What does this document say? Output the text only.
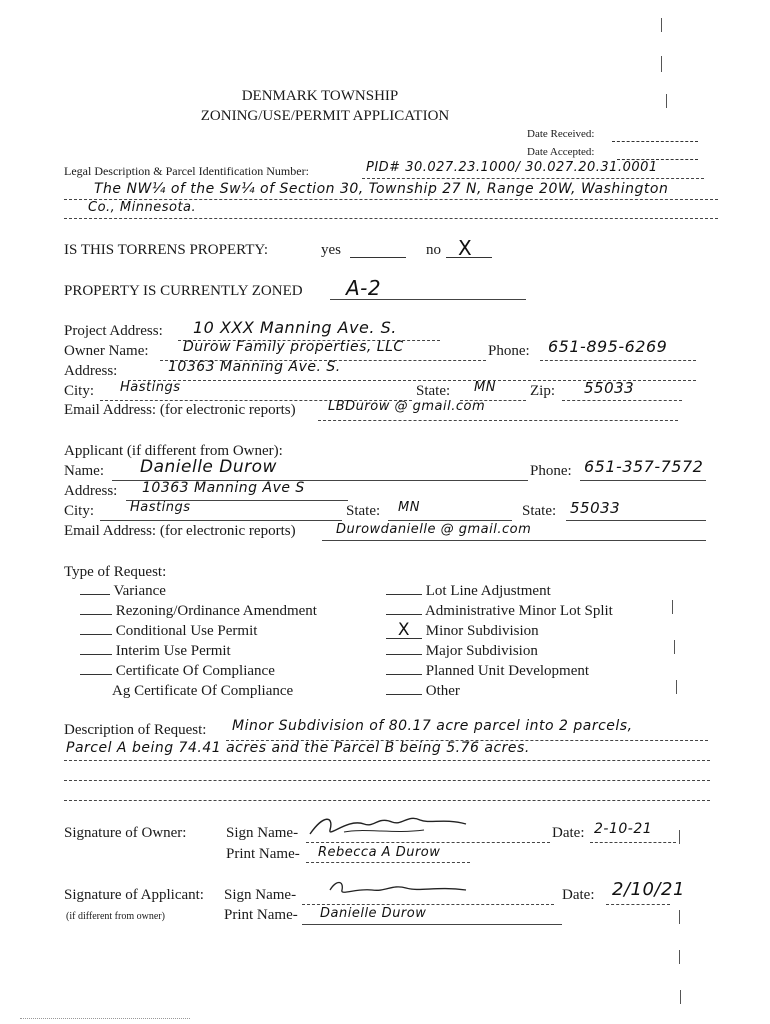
DENMARK TOWNSHIP
ZONING/USE/PERMIT APPLICATION
Date Received:
Date Accepted:
Legal Description & Parcel Identification Number:	PID# 30.027.23.1000/ 30.027.20.31.0001
The NW¼ of the Sw¼ of Section 30, Township 27 N, Range 20W, Washington
Co., Minnesota.
IS THIS TORRENS PROPERTY:	yes	no X
PROPERTY IS CURRENTLY ZONED A-2
Project Address: 10 XXX Manning Ave. S.
Owner Name: Durow Family properties, LLC	Phone: 651-895-6269
Address:	10363 Manning Ave. S.
City: Hastings	State: MN Zip: 55033
Email Address: (for electronic reports) LBDurow @ gmail.com
Applicant (if different from Owner):
Name: Danielle Durow	Phone: 651-357-7572
Address: 10363 Manning Ave S
City:	Hastings	State: MN	State: 55033
Email Address: (for electronic reports)	Durowdanielle @ gmail.com
Type of Request:
Variance
Rezoning/Ordinance Amendment
Conditional Use Permit
Interim Use Permit
Certificate Of Compliance
Ag Certificate Of Compliance
Lot Line Adjustment
Administrative Minor Lot Split
X Minor Subdivision
Major Subdivision
Planned Unit Development
Other
Description of Request: Minor Subdivision of 80.17 acre parcel into 2 parcels,
Parcel A being 74.41 acres and the Parcel B being 5.76 acres.
Signature of Owner:	Sign Name-	Date: 2-10-21
Print Name- Rebecca A Durow
Signature of Applicant: Sign Name-	Date: 2/10/21
(if different from owner)	Print Name- Danielle Durow
